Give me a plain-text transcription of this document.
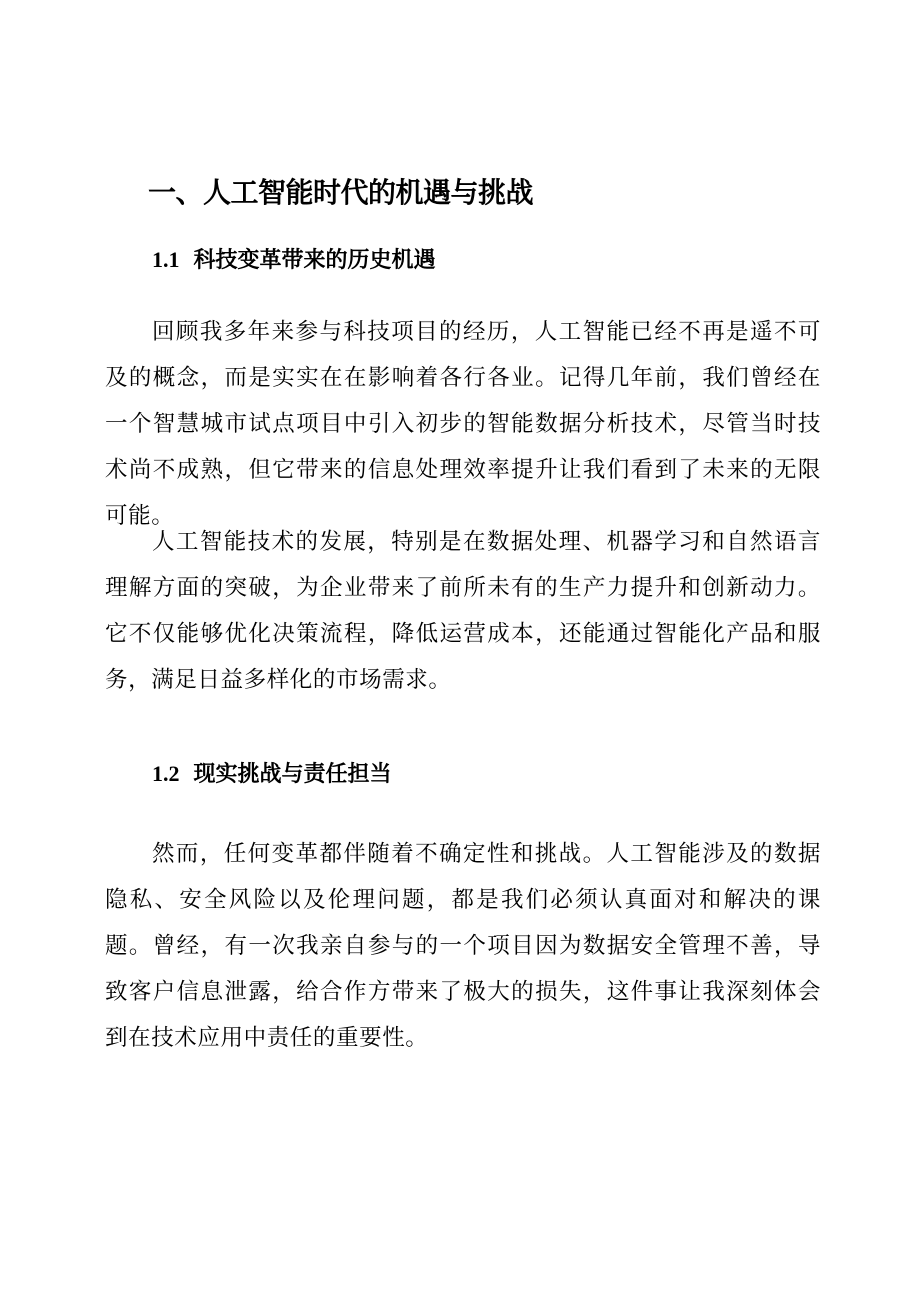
一、人工智能时代的机遇与挑战
1.1 科技变革带来的历史机遇

回顾我多年来参与科技项目的经历，人工智能已经不再是遥不可及的概念，而是实实在在影响着各行各业。记得几年前，我们曾经在一个智慧城市试点项目中引入初步的智能数据分析技术，尽管当时技术尚不成熟，但它带来的信息处理效率提升让我们看到了未来的无限可能。

人工智能技术的发展，特别是在数据处理、机器学习和自然语言理解方面的突破，为企业带来了前所未有的生产力提升和创新动力。它不仅能够优化决策流程，降低运营成本，还能通过智能化产品和服务，满足日益多样化的市场需求。

1.2 现实挑战与责任担当

然而，任何变革都伴随着不确定性和挑战。人工智能涉及的数据隐私、安全风险以及伦理问题，都是我们必须认真面对和解决的课题。曾经，有一次我亲自参与的一个项目因为数据安全管理不善，导致客户信息泄露，给合作方带来了极大的损失，这件事让我深刻体会到在技术应用中责任的重要性。
